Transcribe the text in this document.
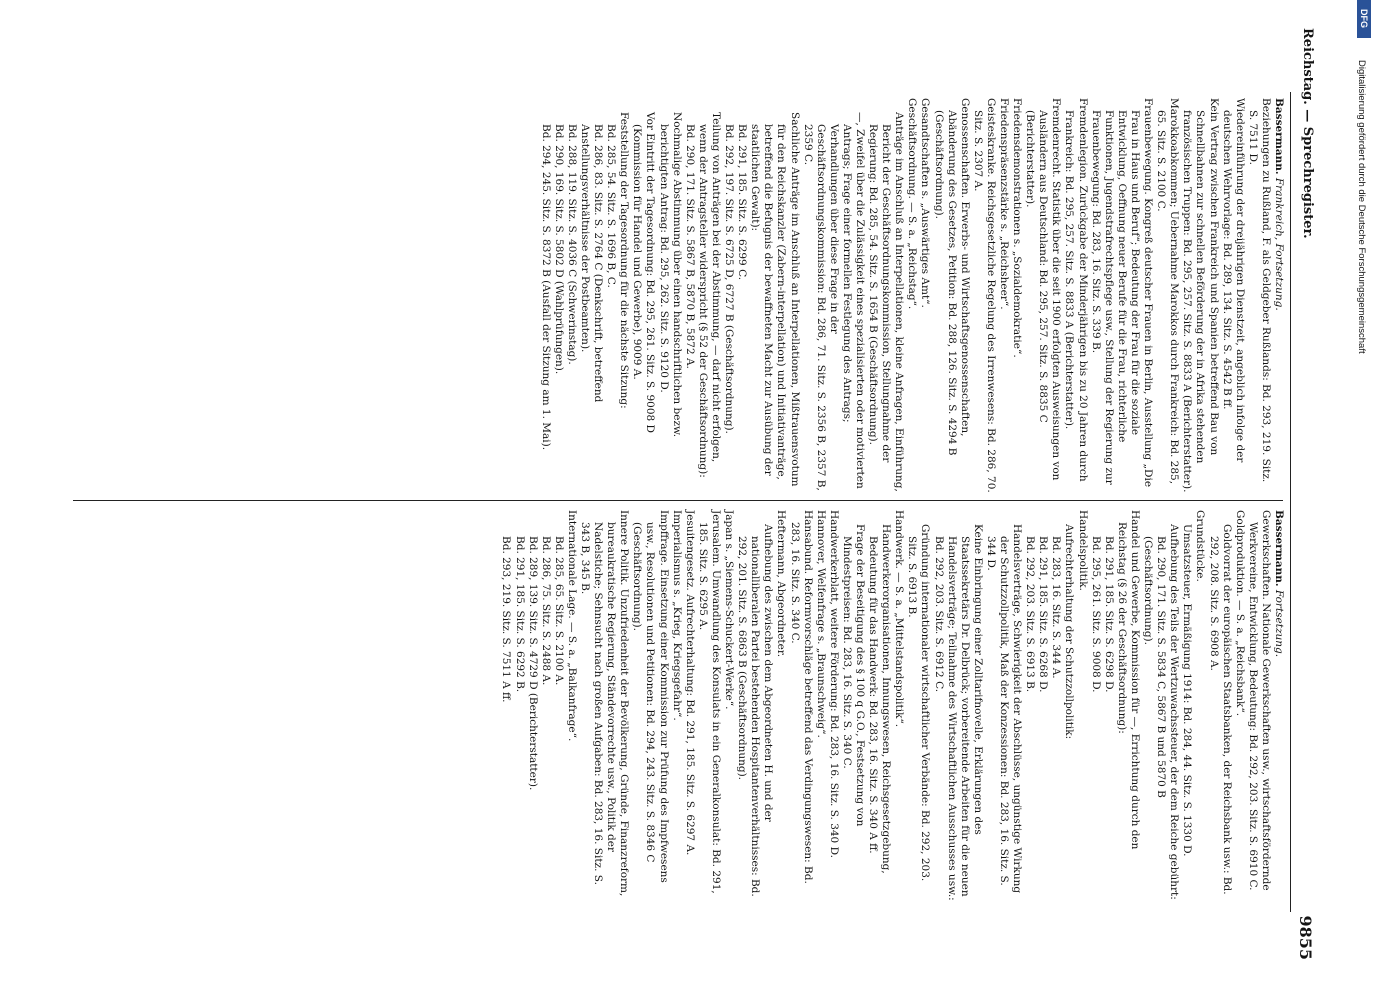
Reichstag. — Sprechregister.
9855

Bassermann. Frankreich, Fortsetzung.

Beziehungen zu Rußland, F. als Geldgeber Rußlands: Bd. 293, 219. Sitz. S. 7511 D.

Wiedereinführung der dreijährigen Dienstzeit, angeblich infolge der deutschen Wehrvorlage: Bd. 289, 134. Sitz. S. 4542 B ff.

Kein Vertrag zwischen Frankreich und Spanien betreffend Bau von Schnellbahnen zur schnellen Beförderung der in Afrika stehenden französischen Truppen: Bd. 295, 257. Sitz. S. 8833 A (Berichterstatter).

Marokkoabkommen; Uebernahme Marokkos durch Frankreich: Bd. 285, 65. Sitz. S. 2100 C.

Frauenbewegung. Kongreß deutscher Frauen in Berlin, Ausstellung „Die Frau in Haus und Beruf“; Bedeutung der Frau für die soziale Entwicklung, Oeffnung neuer Berufe für die Frau, richterliche Funktionen, Jugendstrafrechtspflege usw., Stellung der Regierung zur Frauenbewegung: Bd. 283, 16. Sitz. S. 339 B.

Fremdenlegion. Zurückgabe der Minderjährigen bis zu 20 Jahren durch Frankreich: Bd. 295, 257. Sitz. S. 8833 A (Berichterstatter).

Fremdenrecht. Statistik über die seit 1900 erfolgten Ausweisungen von Ausländern aus Deutschland: Bd. 295, 257. Sitz. S. 8835 C (Berichterstatter).

Friedensdemonstrationen s. „Sozialdemokratie“.

Friedenspräsenzstärke s. „Reichsheer“.

Geisteskranke. Reichsgesetzliche Regelung des Irrenwesens: Bd. 286, 70. Sitz. S. 2307 A.

Genossenschaften. Erwerbs- und Wirtschaftsgenossenschaften, Abänderung des Gesetzes, Petition: Bd. 288, 126. Sitz. S. 4294 B (Geschäftsordnung).

Gesandtschaften s. „Auswärtiges Amt“.

Geschäftsordnung. — S. a. „Reichstag“.

Anträge im Anschluß an Interpellationen, kleine Anfragen, Einführung, Bericht der Geschäftsordnungskommission, Stellungnahme der Regierung: Bd. 285, 54. Sitz. S. 1654 B (Geschäftsordnung).

—, Zweifel über die Zulässigkeit eines spezialisierten oder motivierten Antrags; Frage einer formellen Festlegung des Antrags; Verhandlungen über diese Frage in der Geschäftsordnungskommission: Bd. 286, 71. Sitz. S. 2356 B, 2357 B, 2359 C.

Sachliche Anträge im Anschluß an Interpellationen, Mißtrauensvotum für den Reichskanzler (Zabern-interpellation) und Initiativanträge, betreffend die Befugnis der bewaffneten Macht zur Ausübung der staatlichen Gewalt):

Bd. 291, 185. Sitz. S. 6299 C.

Bd. 292, 197. Sitz. S. 6725 D, 6727 B (Geschäftsordnung).

Teilung von Anträgen bei der Abstimmung, — darf nicht erfolgen, wenn der Antragsteller widerspricht (§ 52 der Geschäftsordnung): Bd. 290, 171. Sitz. S. 5867 B, 5870 B, 5872 A.

Nochmalige Abstimmung über einen handschriftlichen bezw. berichtigten Antrag: Bd. 295, 262. Sitz. S. 9120 D.

Vor Eintritt der Tagesordnung: Bd. 295, 261. Sitz. S. 9008 D (Kommission für Handel und Gewerbe), 9009 A.

Feststellung der Tagesordnung für die nächste Sitzung:

Bd. 285, 54. Sitz. S. 1696 B, C.

Bd. 286, 83. Sitz. S. 2764 C (Denkschrift, betreffend Anstellungsverhältnisse der Postbeamten).

Bd. 288, 119. Sitz. S. 4036 C (Schwerinstag).

Bd. 290, 169. Sitz. S. 5802 D (Wahlprüfungen).

Bd. 294, 245. Sitz. S. 8372 B (Ausfall der Sitzung am 1. Mai).

Bassermann. Fortsetzung.

Gewerkschaften. Nationale Gewerkschaften usw., wirtschaftsfördernde Werkvereine, Entwicklung, Bedeutung: Bd. 292, 203. Sitz. S. 6910 C.

Goldproduktion. — S. a. „Reichsbank“.

Goldvorrat der europäischen Staatsbanken, der Reichsbank usw.: Bd. 292, 208. Sitz. S. 6908 A.

Grundstücke.

Umsatzsteuer, Ermäßigung 1914: Bd. 284, 44. Sitz. S. 1330 D.

Aufhebung des Teils der Wertzuwachssteuer, der dem Reiche gebührt: Bd. 290, 171. Sitz. S. 5834 C, 5867 B und 5870 B (Geschäftsordnung).

Handel und Gewerbe, Kommission für —, Errichtung durch den Reichstag (§ 26 der Geschäftsordnung):

Bd. 291, 185. Sitz. S. 6298 D.

Bd. 295, 261. Sitz. S. 9008 D.

Handelspolitik.

Aufrechterhaltung der Schutzzollpolitik:

Bd. 283, 16. Sitz. S. 344 A.

Bd. 291, 185. Sitz. S. 6268 D.

Bd. 292, 203. Sitz. S. 6913 B.

Handelsverträge, Schwierigkeit der Abschlüsse, ungünstige Wirkung der Schutzzollpolitik, Maß der Konzessionen: Bd. 283, 16. Sitz. S. 344 D.

Keine Einbringung einer Zolltarifnovelle, Erklärungen des Staatssekretärs Dr. Delbrück; vorbereitende Arbeiten für die neuen Handelsverträge; Teilnahme des Wirtschaftlichen Ausschusses usw.: Bd. 292, 203. Sitz. S. 6912 C.

Gründung internationaler wirtschaftlicher Verbände: Bd. 292, 203. Sitz. S. 6913 B.

Handwerk. — S. a. „Mittelstandspolitik“.

Handwerkerorganisationen, Innungswesen, Reichsgesetzgebung, Bedeutung für das Handwerk: Bd. 283, 16. Sitz. S. 340 A ff.

Frage der Beseitigung des § 100 q G.O., Festsetzung von Mindestpreisen: Bd. 283, 16. Sitz. S. 340 C.

Handwerkerblatt, weitere Förderung: Bd. 283, 16. Sitz. S. 340 D.

Hannover, Welfenfrage s. „Braunschweig“.

Hansabund. Reformvorschläge betreffend das Verdingungswesen: Bd. 283, 16. Sitz. S. 340 C.

Heftermann, Abgeordneter.

Aufhebung des zwischen dem Abgeordneten H. und der nationalliberalen Partei bestehenden Hospitantenverhältnisses: Bd. 292, 201. Sitz. S. 6863 B (Geschäftsordnung).

Japan s. „Siemens-Schuckert-Werke“.

Jerusalem. Umwandlung des Konsulats in ein Generalkonsulat: Bd. 291, 185. Sitz. S. 6295 A.

Jesuitengesetz. Aufrechterhaltung: Bd. 291, 185. Sitz. S. 6297 A.

Imperialismus s. „Krieg, Kriegsgefahr“.

Impffrage. Einsetzung einer Kommission zur Prüfung des Impfwesens usw., Resolutionen und Petitionen: Bd. 294, 243. Sitz. S. 8346 C (Geschäftsordnung).

Innere Politik. Unzufriedenheit der Bevölkerung, Gründe, Finanzreform, bureaukratische Regierung, Ständevorrechte usw., Politik der Nadelstiche; Sehnsucht nach großen Aufgaben: Bd. 283, 16. Sitz. S. 343 B, 345 B.

Internationale Lage. — S. a. „Balkanfrage“.

Bd. 285, 65. Sitz. S. 2100 A.

Bd. 286, 75. Sitz. S. 2488 A.

Bd. 289, 139. Sitz. S. 4729 D (Berichterstatter).

Bd. 291, 185. Sitz. S. 6292 B.

Bd. 293, 219. Sitz. S. 7511 A ff.

DFG
Digitalisierung gefördert durch die Deutsche Forschungsgemeinschaft
